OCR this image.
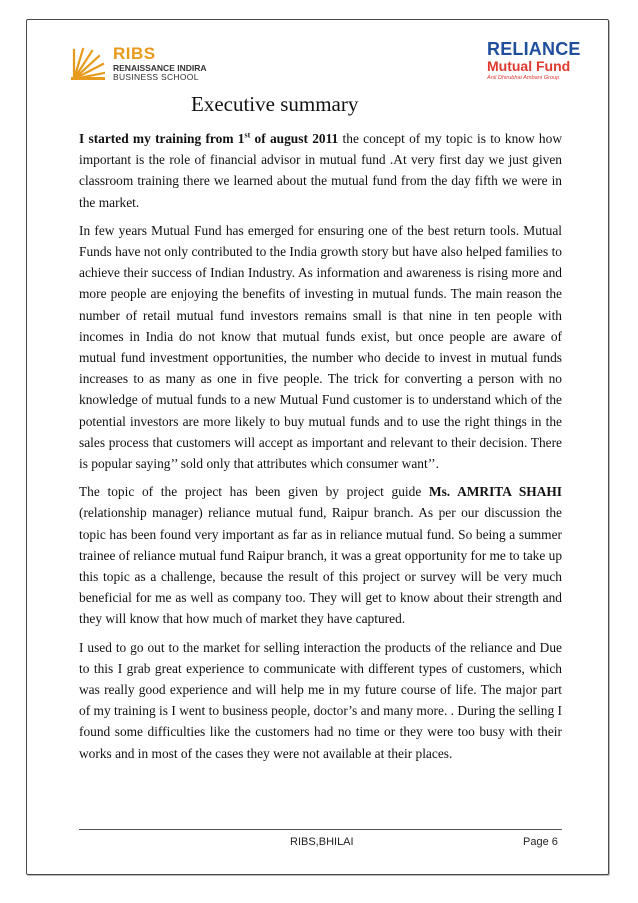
RIBS
RENAISSANCE INDIRA
BUSINESS SCHOOL
RELIANCE
Mutual Fund
Anil Dhirubhai Ambani Group
Executive summary

I started my training from 1st of august 2011 the concept of my topic is to know how important is the role of financial advisor in mutual fund .At very first day we just given classroom training there we learned about the mutual fund from the day fifth we were in the market.

In few years Mutual Fund has emerged for ensuring one of the best return tools. Mutual Funds have not only contributed to the India growth story but have also helped families to achieve their success of Indian Industry. As information and awareness is rising more and more people are enjoying the benefits of investing in mutual funds. The main reason the number of retail mutual fund investors remains small is that nine in ten people with incomes in India do not know that mutual funds exist, but once people are aware of mutual fund investment opportunities, the number who decide to invest in mutual funds increases to as many as one in five people. The trick for converting a person with no knowledge of mutual funds to a new Mutual Fund customer is to understand which of the potential investors are more likely to buy mutual funds and to use the right things in the sales process that customers will accept as important and relevant to their decision. There is popular saying’’ sold only that attributes which consumer want’’.

The topic of the project has been given by project guide Ms. AMRITA SHAHI (relationship manager) reliance mutual fund, Raipur branch. As per our discussion the topic has been found very important as far as in reliance mutual fund. So being a summer trainee of reliance mutual fund Raipur branch, it was a great opportunity for me to take up this topic as a challenge, because the result of this project or survey will be very much beneficial for me as well as company too. They will get to know about their strength and they will know that how much of market they have captured.

I used to go out to the market for selling interaction the products of the reliance and Due to this I grab great experience to communicate with different types of customers, which was really good experience and will help me in my future course of life. The major part of my training is I went to business people, doctor’s and many more. . During the selling I found some difficulties like the customers had no time or they were too busy with their works and in most of the cases they were not available at their places.

RIBS,BHILAI	Page 6
